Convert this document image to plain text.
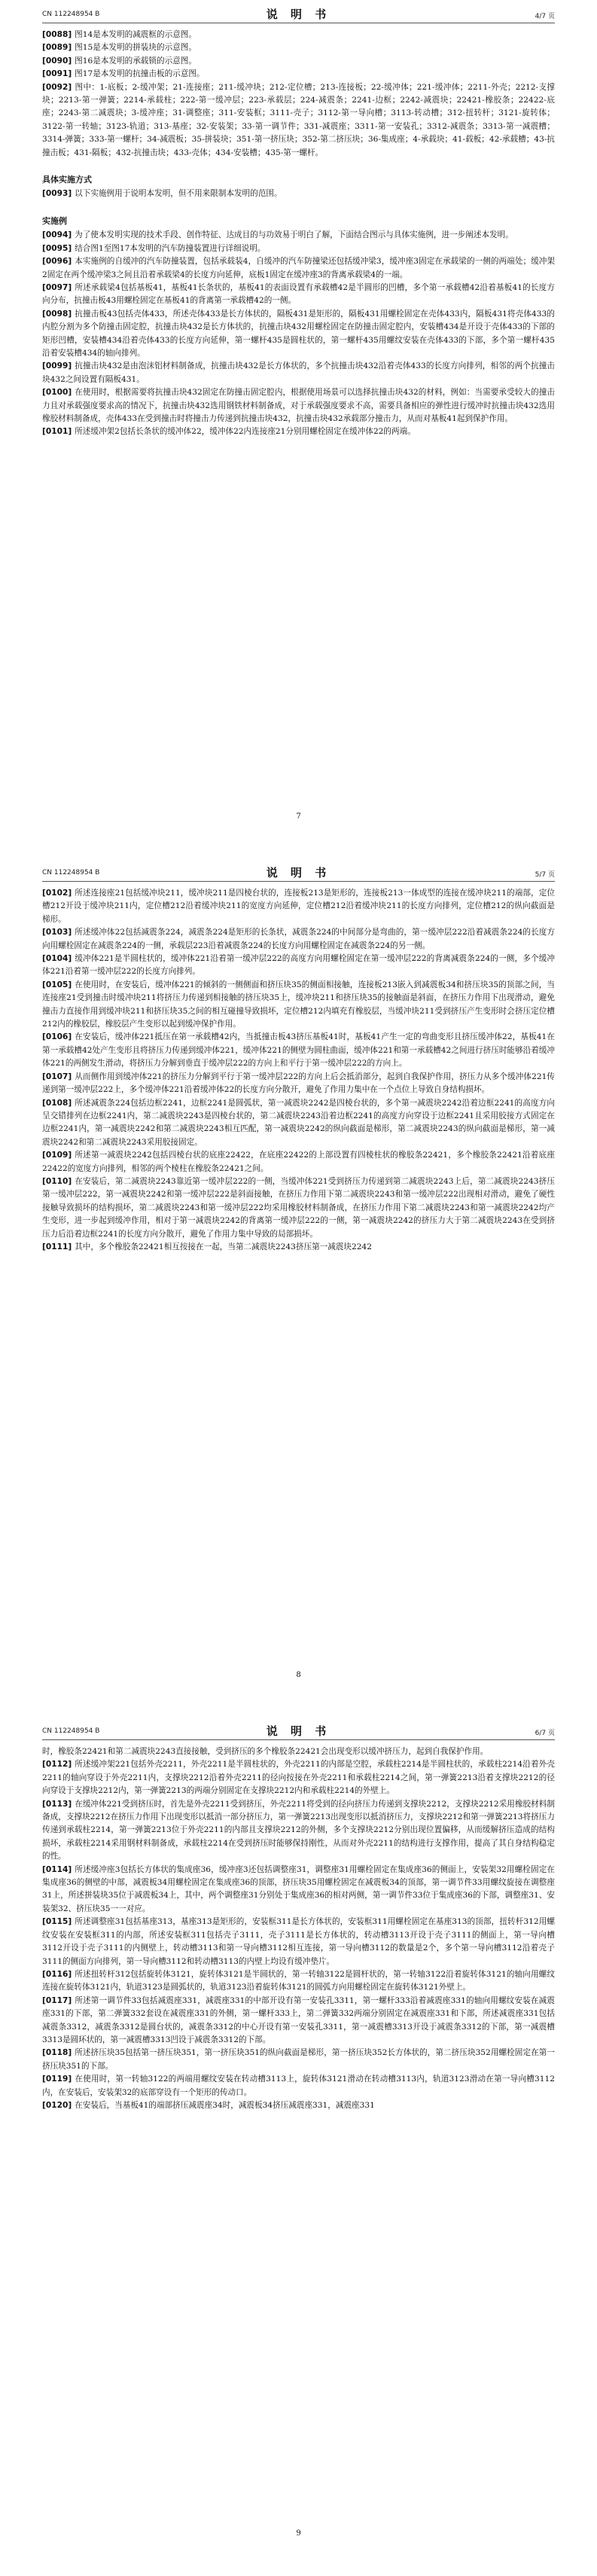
CN 112248954 B	说 明 书	4/7 页

[0088] 图14是本发明的减震框的示意图。

[0089] 图15是本发明的拼装块的示意图。

[0090] 图16是本发明的承载锁的示意图。

[0091] 图17是本发明的抗撞击板的示意图。

[0092] 图中：1-底板；2-缓冲架；21-连接座；211-缓冲块；212-定位槽；213-连接板；22-缓冲体；221-缓冲体；2211-外壳；2212-支撑块；2213-第一弹簧；2214-承载柱；222-第一缓冲层；223-承载层；224-减震条；2241-边框；2242-减震块；22421-橡胶条；22422-底座；2243-第二减震块；3-缓冲座；31-调整座；311-安装框；3111-壳子；3112-第一导向槽；3113-转动槽；312-扭转杆；3121-旋转体；3122-第一转轴；3123-轨道；313-基座；32-安装架；33-第一调节件；331-减震座；3311-第一安装孔；3312-减震条；3313-第一减震槽；3314-弹簧；333-第一螺杆；34-减震板；35-拼装块；351-第一挤压块；352-第二挤压块；36-集成座；4-承载块；41-载板；42-承载槽；43-抗撞击板；431-隔板；432-抗撞击块；433-壳体；434-安装槽；435-第一螺杆。

具体实施方式

[0093] 以下实施例用于说明本发明，但不用来限制本发明的范围。

实施例

[0094] 为了使本发明实现的技术手段、创作特征、达成目的与功效易于明白了解，下面结合图示与具体实施例，进一步阐述本发明。

[0095] 结合图1至图17本发明的汽车防撞装置进行详细说明。

[0096] 本实施例的自缓冲的汽车防撞装置，包括承载装4，自缓冲的汽车防撞梁还包括缓冲梁3，缓冲座3固定在承载梁的一侧的两端处；缓冲架2固定在两个缓冲梁3之间且沿着承载梁4的长度方向延伸，底板1固定在缓冲座3的背离承载梁4的一端。

[0097] 所述承载梁4包括基板41，基板41长条状的，基板41的表面设置有承载槽42是半圆形的凹槽，多个第一承载槽42沿着基板41的长度方向分布，抗撞击板43用螺栓固定在基板41的背离第一承载槽42的一侧。

[0098] 抗撞击板43包括壳体433，所述壳体433是长方体状的，隔板431是矩形的，隔板431用螺栓固定在壳体433内，隔板431将壳体433的内腔分割为多个防撞击固定腔，抗撞击块432是长方体状的，抗撞击块432用螺栓固定在防撞击固定腔内，安装槽434是开设于壳体433的下部的矩形凹槽，安装槽434沿着壳体433的长度方向延伸，第一螺杆435是圆柱状的，第一螺杆435用螺纹安装在壳体433的下部，多个第一螺杆435沿着安装槽434的轴向排列。

[0099] 抗撞击块432是由泡沫铝材料制备成，抗撞击块432是长方体状的，多个抗撞击块432沿着壳体433的长度方向排列，相邻的两个抗撞击块432之间设置有隔板431。

[0100] 在使用时，根据需要将抗撞击块432固定在防撞击固定腔内，根据使用场景可以选择抗撞击块432的材料，例如：当需要承受较大的撞击力且对承载强度要求高的情况下，抗撞击块432选用钢铁材料制备成，对于承载强度要求不高，需要具备相应的弹性进行缓冲时抗撞击块432选用橡胶材料制备成，壳体433在受到撞击时将撞击力传递到抗撞击块432，抗撞击块432承载部分撞击力，从而对基板41起到保护作用。

[0101] 所述缓冲架2包括长条状的缓冲体22，缓冲体22内连接座21分别用螺栓固定在缓冲体22的两端。

7
CN 112248954 B	说 明 书	5/7 页

[0102] 所述连接座21包括缓冲块211，缓冲块211是四棱台状的，连接板213是矩形的，连接板213一体成型的连接在缓冲块211的端部，定位槽212开设于缓冲块211内，定位槽212沿着缓冲块211的宽度方向延伸，定位槽212沿着缓冲块211的长度方向排列，定位槽212的纵向截面是梯形。

[0103] 所述缓冲体22包括减震条224，减震条224是矩形的长条状，减震条224的中间部分是弯曲的，第一缓冲层222沿着减震条224的长度方向用螺栓固定在减震条224的一侧，承载层223沿着减震条224的长度方向用螺栓固定在减震条224的另一侧。

[0104] 缓冲体221是半圆柱状的，缓冲体221沿着第一缓冲层222的高度方向用螺栓固定在第一缓冲层222的背离减震条224的一侧，多个缓冲体221沿着第一缓冲层222的长度方向排列。

[0105] 在使用时，在安装后，缓冲体221的倾斜的一侧侧面和挤压块35的侧面相接触，连接板213嵌入到减震板34和挤压块35的顶部之间，当连接座21受到撞击时缓冲块211将挤压力传递到相接触的挤压块35上，缓冲块211和挤压块35的接触面是斜面，在挤压力作用下出现滑动，避免撞击力直接作用到缓冲块211和挤压块35之间的相互碰撞导致损坏，定位槽212内填充有橡胶层，当缓冲块211受到挤压产生变形时会挤压定位槽212内的橡胶层，橡胶层产生变形以起到缓冲保护作用。

[0106] 在安装后，缓冲体221抵压在第一承载槽42内，当抵撞击板43挤压基板41时，基板41产生一定的弯曲变形且挤压缓冲体22，基板41在第一承载槽42处产生变形且将挤压力传递到缓冲体221，缓冲体221的侧壁为圆柱曲面，缓冲体221和第一承载槽42之间进行挤压时能够沿着缓冲体221的两侧发生滑动，将挤压力分解到垂直于缓冲层222的方向上和平行于第一缓冲层222的方向上。

[0107] 从而侧作用到缓冲体221的挤压力分解到平行于第一缓冲层222的方向上后会抵消部分，起到自我保护作用，挤压力从多个缓冲体221传递到第一缓冲层222上，多个缓冲体221沿着缓冲体22的长度方向分散开，避免了作用力集中在一个点位上导致自身结构损坏。

[0108] 所述减震条224包括边框2241，边框2241是圆弧状，第一减震块2242是四棱台状的，多个第一减震块2242沿着边框2241的高度方向呈交错排列在边框2241内，第二减震块2243是四棱台状的，第二减震块2243沿着边框2241的高度方向穿设于边框2241且采用胶接方式固定在边框2241内，第一减震块2242和第二减震块2243相互匹配，第一减震块2242的纵向截面是梯形，第二减震块2243的纵向截面是梯形，第一减震块2242和第二减震块2243采用胶接固定。

[0109] 所述第一减震块2242包括四棱台状的底座22422，在底座22422的上部设置有四棱柱状的橡胶条22421，多个橡胶条22421沿着底座22422的宽度方向排列，相邻的两个棱柱在橡胶条22421之间。

[0110] 在安装后，第二减震块2243靠近第一缓冲层222的一侧，当缓冲体221受到挤压力传递到第二减震块2243上后，第二减震块2243挤压第一缓冲层222，第一减震块2242和第一缓冲层222是斜面接触，在挤压力作用下第二减震块2243和第一缓冲层222出现相对滑动，避免了硬性接触导致损坏的结构损坏，第二减震块2243和第一缓冲层222均采用橡胶材料制备成，在挤压力作用下第二减震块2243和第一减震块2242均产生变形，进一步起到缓冲作用，相对于第一减震块2242的背离第一缓冲层222的一侧，第一减震块2242的挤压力大于第二减震块2243在受到挤压力后沿着边框2241的长度方向分散开，避免了作用力集中导致的局部损坏。

[0111] 其中，多个橡胶条22421相互按接在一起，当第二减震块2243挤压第一减震块2242

8
CN 112248954 B	说 明 书	6/7 页

时，橡胶条22421和第二减震块2243直接接触，受到挤压的多个橡胶条22421会出现变形以缓冲挤压力，起到自我保护作用。

[0112] 所述缓冲架221包括外壳2211，外壳2211是半圆柱状的，外壳2211的内部是空腔，承载柱2214是半圆柱状的，承载柱2214沿着外壳2211的轴向穿设于外壳2211内，支撑块2212沿着外壳2211的径向按接在外壳2211和承载柱2214之间，第一弹簧2213沿着支撑块2212的径向穿设于支撑块2212内，第一弹簧2213的两端分别固定在支撑块2212内和承载柱2214的外壁上。

[0113] 在缓冲体221受到挤压时，首先是外壳2211受到挤压，外壳2211将受到的径向挤压力传递到支撑块2212，支撑块2212采用橡胶材料制备成，支撑块2212在挤压力作用下出现变形以抵消一部分挤压力，第一弹簧2213出现变形以抵消挤压力，支撑块2212和第一弹簧2213将挤压力传递到承载柱2214，第一弹簧2213位于外壳2211的内部且支撑块2212的外侧，多个支撑块2212分别出现位置偏移，从而缓解挤压造成的结构损坏，承载柱2214采用钢材料制备成，承载柱2214在受到挤压时能够保持刚性，从而对外壳2211的结构进行支撑作用，提高了其自身结构稳定的性。

[0114] 所述缓冲座3包括长方体状的集成座36，缓冲座3还包括调整座31，调整座31用螺栓固定在集成座36的侧面上，安装架32用螺栓固定在集成座36的侧壁的中部，减震板34用螺栓固定在集成座36的顶部，挤压块35用螺栓固定在减震板34的顶部，第一调节件33用螺纹旋接在调整座31上，所述拼装块35位于减震板34上，其中，两个调整座31分别处于集成座36的相对两侧，第一调节件33位于集成座36的下部，调整座31、安装架32、挤压块35一一对应。

[0115] 所述调整座31包括基座313，基座313是矩形的，安装框311是长方体状的，安装框311用螺栓固定在基座313的顶部，扭转杆312用螺纹安装在安装框311的内部，所述安装框311包括壳子3111，壳子3111是长方体状的，转动槽3113开设于壳子3111的侧面上，第一导向槽3112开设于壳子3111的内侧壁上，转动槽3113和第一导向槽3112相互连接，第一导向槽3112的数量是2个，多个第一导向槽3112沿着壳子3111的侧面方向排列，第一导向槽3112和转动槽3113的内壁上均设有缓冲垫片。

[0116] 所述扭转杆312包括旋转体3121，旋转体3121是半圆状的，第一转轴3122是圆杆状的，第一转轴3122沿着旋转体3121的轴向用螺纹连接在旋转体3121内，轨道3123是圆弧状的，轨道3123沿着旋转体3121的圆弧方向用螺栓固定在旋转体3121外壁上。

[0117] 所述第一调节件33包括减震座331，减震座331的中部开设有第一安装孔3311，第一螺杆333沿着减震座331的轴向用螺纹安装在减震座331的下部，第二弹簧332套设在减震座331的外侧，第一螺杆333上，第二弹簧332两端分别固定在减震座331和下部，所述减震座331包括减震条3312，减震条3312是圆台状的，减震条3312的中心开设有第一安装孔3311，第一减震槽3313开设于减震条3312的下部，第一减震槽3313是圆环状的，第一减震槽3313凹设于减震条3312的下部。

[0118] 所述挤压块35包括第一挤压块351，第一挤压块351的纵向截面是梯形，第一挤压块352长方体状的，第二挤压块352用螺栓固定在第一挤压块351的下部。

[0119] 在使用时，第一转轴3122的两端用螺纹安装在转动槽3113上，旋转体3121滑动在转动槽3113内，轨道3123滑动在第一导向槽3112内，在安装后，安装架32的底部穿设有一个矩形的传动口。

[0120] 在安装后，当基板41的端部挤压减震座34时，减震板34挤压减震座331，减震座331

9
